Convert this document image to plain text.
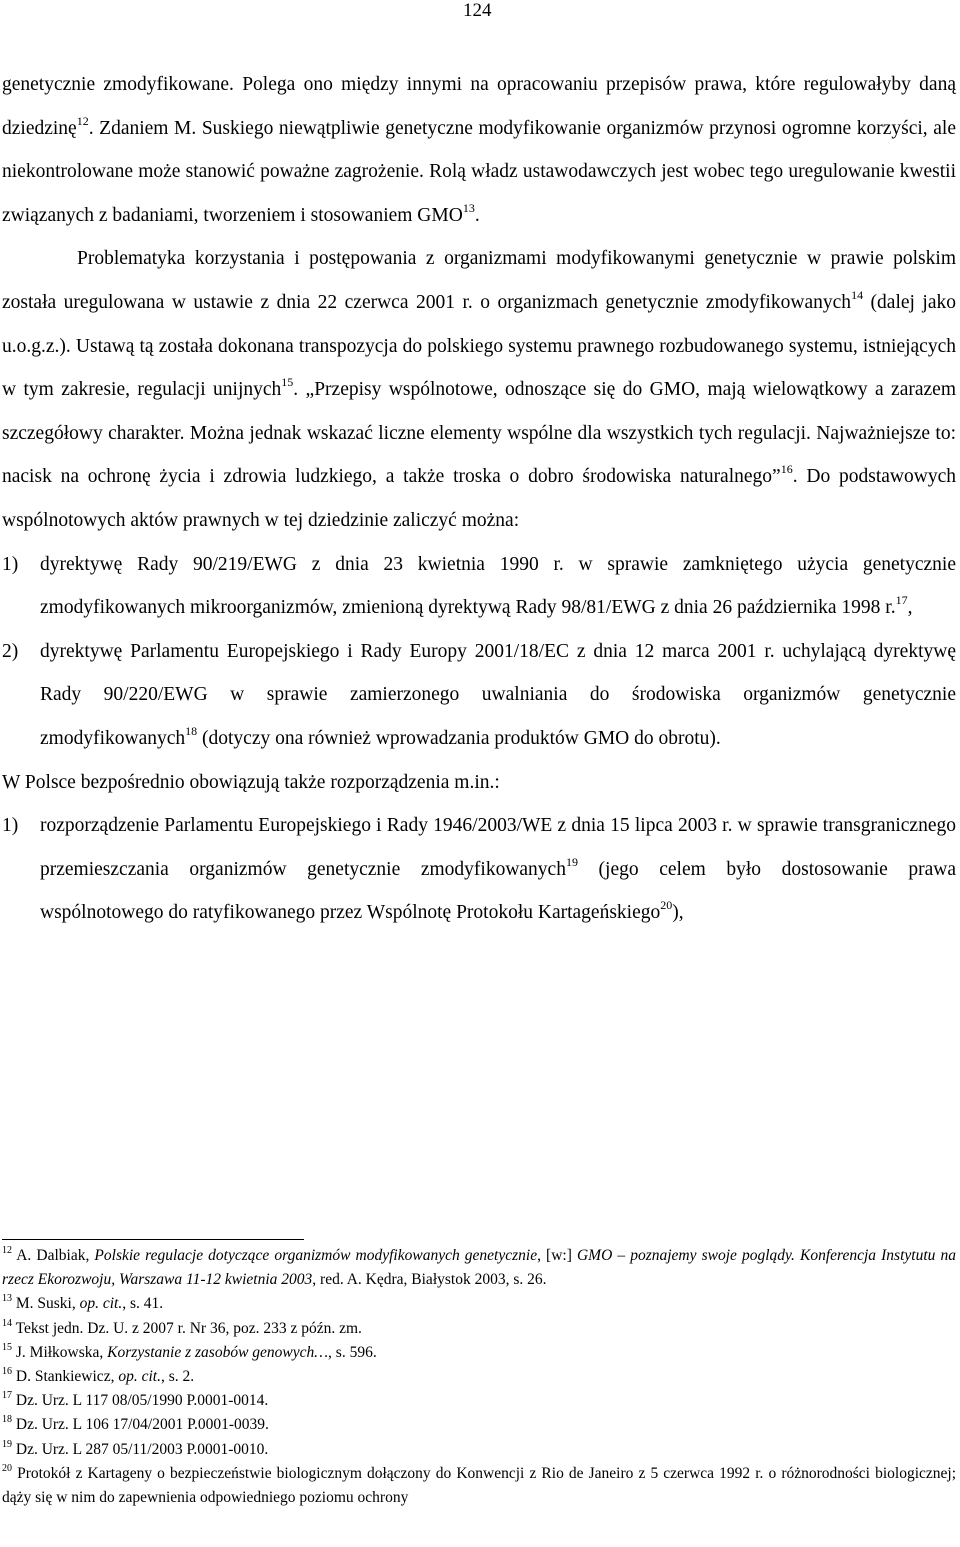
124

genetycznie zmodyfikowane. Polega ono między innymi na opracowaniu przepisów prawa, które regulowałyby daną dziedzinę$^{12}$. Zdaniem M. Suskiego niewątpliwie genetyczne modyfikowanie organizmów przynosi ogromne korzyści, ale niekontrolowane może stanowić poważne zagrożenie. Rolą władz ustawodawczych jest wobec tego uregulowanie kwestii związanych z badaniami, tworzeniem i stosowaniem GMO$^{13}$.

Problematyka korzystania i postępowania z organizmami modyfikowanymi genetycznie w prawie polskim została uregulowana w ustawie z dnia 22 czerwca 2001 r. o organizmach genetycznie zmodyfikowanych$^{14}$ (dalej jako u.o.g.z.). Ustawą tą została dokonana transpozycja do polskiego systemu prawnego rozbudowanego systemu, istniejących w tym zakresie, regulacji unijnych$^{15}$. „Przepisy wspólnotowe, odnoszące się do GMO, mają wielowątkowy a zarazem szczegółowy charakter. Można jednak wskazać liczne elementy wspólne dla wszystkich tych regulacji. Najważniejsze to: nacisk na ochronę życia i zdrowia ludzkiego, a także troska o dobro środowiska naturalnego”$^{16}$. Do podstawowych wspólnotowych aktów prawnych w tej dziedzinie zaliczyć można:

1) dyrektywę Rady 90/219/EWG z dnia 23 kwietnia 1990 r. w sprawie zamkniętego użycia genetycznie zmodyfikowanych mikroorganizmów, zmienioną dyrektywą Rady 98/81/EWG z dnia 26 października 1998 r.$^{17}$,
2) dyrektywę Parlamentu Europejskiego i Rady Europy 2001/18/EC z dnia 12 marca 2001 r. uchylającą dyrektywę Rady 90/220/EWG w sprawie zamierzonego uwalniania do środowiska organizmów genetycznie zmodyfikowanych$^{18}$ (dotyczy ona również wprowadzania produktów GMO do obrotu).

W Polsce bezpośrednio obowiązują także rozporządzenia m.in.:

1) rozporządzenie Parlamentu Europejskiego i Rady 1946/2003/WE z dnia 15 lipca 2003 r. w sprawie transgranicznego przemieszczania organizmów genetycznie zmodyfikowanych$^{19}$ (jego celem było dostosowanie prawa wspólnotowego do ratyfikowanego przez Wspólnotę Protokołu Kartageńskiego$^{20}$),

$^{12}$ A. Dalbiak, Polskie regulacje dotyczące organizmów modyfikowanych genetycznie, [w:] GMO – poznajemy swoje poglądy. Konferencja Instytutu na rzecz Ekorozwoju, Warszawa 11-12 kwietnia 2003, red. A. Kędra, Białystok 2003, s. 26.

$^{13}$ M. Suski, op. cit., s. 41.

$^{14}$ Tekst jedn. Dz. U. z 2007 r. Nr 36, poz. 233 z późn. zm.

$^{15}$ J. Miłkowska, Korzystanie z zasobów genowych…, s. 596.

$^{16}$ D. Stankiewicz, op. cit., s. 2.

$^{17}$ Dz. Urz. L 117 08/05/1990 P.0001-0014.

$^{18}$ Dz. Urz. L 106 17/04/2001 P.0001-0039.

$^{19}$ Dz. Urz. L 287 05/11/2003 P.0001-0010.

$^{20}$ Protokół z Kartageny o bezpieczeństwie biologicznym dołączony do Konwencji z Rio de Janeiro z 5 czerwca 1992 r. o różnorodności biologicznej; dąży się w nim do zapewnienia odpowiedniego poziomu ochrony
